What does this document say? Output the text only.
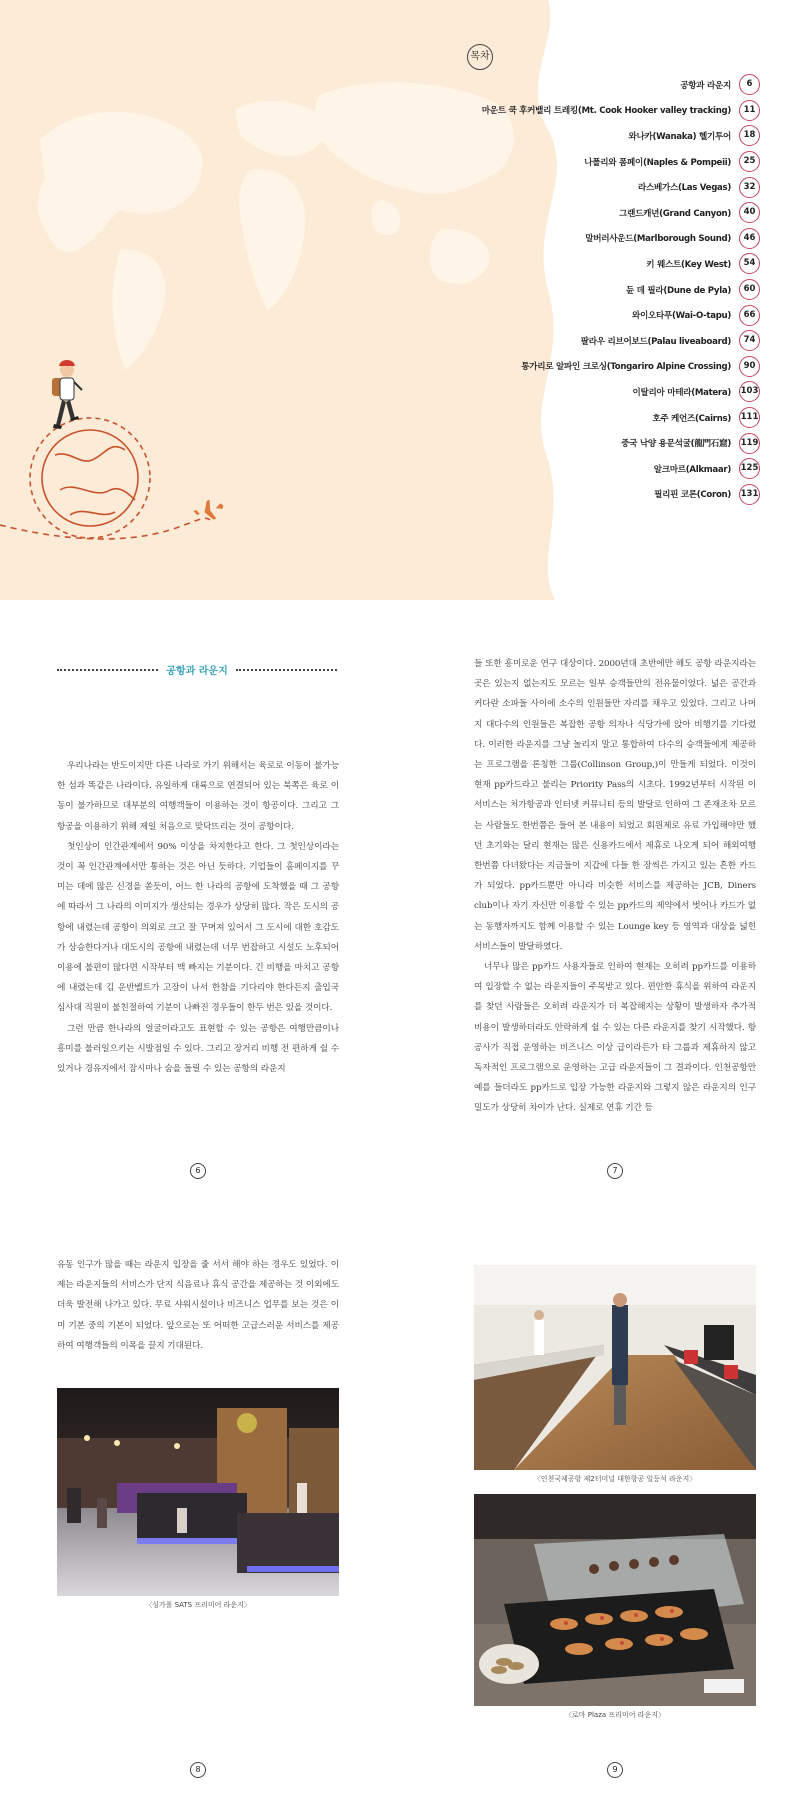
목차
공항과 라운지	6
마운트 쿡 후커밸리 트레킹(Mt. Cook Hooker valley tracking)	11
와나카(Wanaka) 헬기투어	18
나폴리와 폼페이(Naples & Pompeii)	25
라스베가스(Las Vegas)	32
그랜드캐년(Grand Canyon)	40
말버러사운드(Marlborough Sound)	46
키 웨스트(Key West)	54
듄 데 필라(Dune de Pyla)	60
와이오타푸(Wai-O-tapu)	66
팔라우 리브어보드(Palau liveaboard)	74
통가리로 알파인 크로싱(Tongariro Alpine Crossing)	90
이탈리아 마테라(Matera) 103
호주 케언즈(Cairns) 111
중국 낙양 용문석굴(龍門石窟) 119
알크마르(Alkmaar) 125
필리핀 코론(Coron) 131
공항과 라운지

우리나라는 반도이지만 다른 나라로 가기 위해서는 육로로 이동이 불가능한 섬과 똑같은 나라이다. 유일하게 대륙으로 연결되어 있는 북쪽은 육로 이동이 불가하므로 대부분의 여행객들이 이용하는 것이 항공이다. 그리고 그 항공을 이용하기 위해 제일 처음으로 맞닥뜨리는 것이 공항이다.

첫인상이 인간관계에서 90% 이상을 차지한다고 한다. 그 첫인상이라는 것이 꼭 인간관계에서만 통하는 것은 아닌 듯하다. 기업들이 홈페이지를 꾸미는 데에 많은 신경을 쏟듯이, 어느 한 나라의 공항에 도착했을 때 그 공항에 따라서 그 나라의 이미지가 생산되는 경우가 상당히 많다. 작은 도시의 공항에 내렸는데 공항이 의외로 크고 잘 꾸며져 있어서 그 도시에 대한 호감도가 상승한다거나 대도시의 공항에 내렸는데 너무 번잡하고 시설도 노후되어 이용에 불편이 많다면 시작부터 맥 빠지는 기분이다. 긴 비행을 마치고 공항에 내렸는데 김 운반벨트가 고장이 나서 한참을 기다리야 한다든지 출입국 심사대 직원이 불친절하여 기분이 나빠진 경우들이 한두 번은 있을 것이다.

그런 만큼 한나라의 얼굴이라고도 표현할 수 있는 공항은 여행만큼이나 흥미를 불러일으키는 시발점일 수 있다. 그리고 장거리 비행 전 편하게 쉴 수 있거나 경유지에서 잠시마나 숨을 돌릴 수 있는 공항의 라운지

6

들 또한 흥미로운 연구 대상이다. 2000년대 초반에만 해도 공항 라운지라는 곳은 있는지 없는지도 모르는 일부 승객들만의 전유물이었다. 넓은 공간과 커다란 소파들 사이에 소수의 인원들만 자리를 채우고 있었다. 그리고 나머지 대다수의 인원들은 복잡한 공항 의자나 식당가에 앉아 비행기를 기다렸다. 이러한 라운지를 그냥 놀리지 말고 통합하여 다수의 승객들에게 제공하는 프로그램을 론칭한 그룹(Collinson Group,)이 만들게 되었다. 이것이 현재 pp카드라고 불리는 Priority Pass의 시초다. 1992년부터 시작된 이 서비스는 처가항공과 인터넷 커뮤니티 등의 발달로 인하여 그 존재조차 모르는 사람들도 한번쯤은 들어 본 내용이 되었고 회원제로 유료 가입해야만 했던 초기와는 달리 현재는 많은 신용카드에서 제휴로 나오게 되어 해외여행 한번쯤 다녀왔다는 지금들이 지갑에 다들 한 장씩은 가지고 있는 흔한 카드가 되었다. pp카드뿐만 아니라 비슷한 서비스를 제공하는 JCB, Diners club이나 자기 자신만 이용할 수 있는 pp카드의 제약에서 벗어나 카드가 없는 동행자까지도 함께 이용할 수 있는 Lounge key 등 영역과 대상을 넓힌 서비스들이 발달하였다.

너무나 많은 pp카드 사용자들로 인하여 현재는 오히려 pp카드를 이용하여 입장할 수 없는 라운지들이 주목받고 있다. 편안한 휴식을 위하여 라운지를 찾던 사람들은 오히려 라운지가 더 복잡해지는 상황이 발생하자 추가적 비용이 발생하더라도 안락하게 쉴 수 있는 다른 라운지를 찾기 시작했다. 항공사가 직접 운영하는 비즈니스 이상 급이라든가 타 그룹과 제휴하지 않고 독자적인 프로그램으로 운영하는 고급 라운지들이 그 결과이다. 인천공항만 예를 들더라도 pp카드로 입장 가능한 라운지와 그렇지 않은 라운지의 인구 밀도가 상당히 차이가 난다. 실제로 연휴 기간 등

7

유동 인구가 많을 때는 라운지 입장을 줄 서서 해야 하는 경우도 있었다. 이제는 라운지들의 서비스가 단지 식음료나 휴식 공간을 제공하는 것 이외에도 더욱 발전해 나가고 있다. 무료 샤워시설이나 비즈니스 업무를 보는 것은 이미 기본 중의 기본이 되었다. 앞으로는 또 어떠한 고급스러운 서비스를 제공하여 여행객들의 이목을 끌지 기대된다.

〈싱가폴 SATS 프리미어 라운지〉
8
〈인천국제공항 제2터미널 대한항공 일등석 라운지〉
〈로마 Plaza 프리미어 라운지〉
9
